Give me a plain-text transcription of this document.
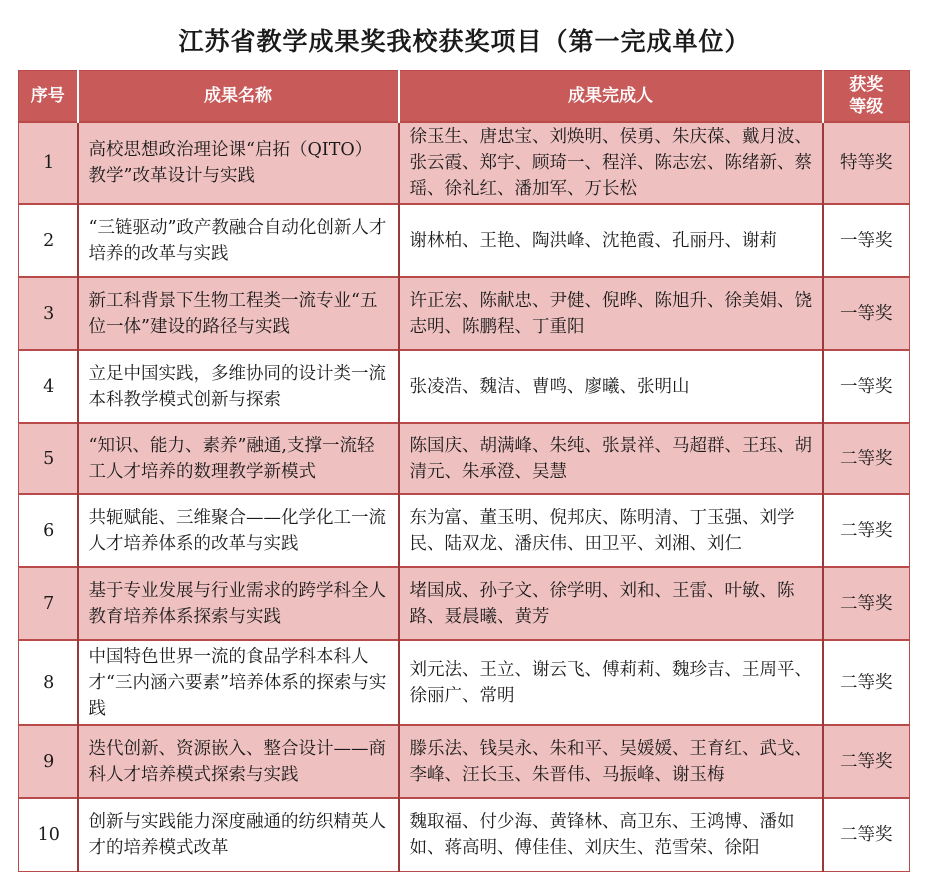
江苏省教学成果奖我校获奖项目（第一完成单位）
序号	成果名称	成果完成人	获奖
等级

1	高校思想政治理论课“启拓（QITO）教学”改革设计与实践	徐玉生、唐忠宝、刘焕明、侯勇、朱庆葆、戴月波、张云霞、郑宇、顾琦一、程洋、陈志宏、陈绪新、蔡瑶、徐礼红、潘加军、万长松	特等奖
2	“三链驱动”政产教融合自动化创新人才培养的改革与实践	谢林柏、王艳、陶洪峰、沈艳霞、孔丽丹、谢莉	一等奖
3	新工科背景下生物工程类一流专业“五位一体”建设的路径与实践	许正宏、陈献忠、尹健、倪晔、陈旭升、徐美娟、饶志明、陈鹏程、丁重阳	一等奖
4	立足中国实践，多维协同的设计类一流本科教学模式创新与探索	张凌浩、魏洁、曹鸣、廖曦、张明山	一等奖
5	“知识、能力、素养”融通,支撑一流轻工人才培养的数理教学新模式	陈国庆、胡满峰、朱纯、张景祥、马超群、王珏、胡清元、朱承澄、吴慧	二等奖
6	共轭赋能、三维聚合——化学化工一流人才培养体系的改革与实践	东为富、董玉明、倪邦庆、陈明清、丁玉强、刘学民、陆双龙、潘庆伟、田卫平、刘湘、刘仁	二等奖
7	基于专业发展与行业需求的跨学科全人教育培养体系探索与实践	堵国成、孙子文、徐学明、刘和、王雷、叶敏、陈路、聂晨曦、黄芳	二等奖
8	中国特色世界一流的食品学科本科人才“三内涵六要素”培养体系的探索与实践	刘元法、王立、谢云飞、傅莉莉、魏珍吉、王周平、徐丽广、常明	二等奖
9	迭代创新、资源嵌入、整合设计——商科人才培养模式探索与实践	滕乐法、钱吴永、朱和平、吴媛媛、王育红、武戈、李峰、汪长玉、朱晋伟、马振峰、谢玉梅	二等奖
10	创新与实践能力深度融通的纺织精英人才的培养模式改革	魏取福、付少海、黄锋林、高卫东、王鸿博、潘如如、蒋高明、傅佳佳、刘庆生、范雪荣、徐阳	二等奖
